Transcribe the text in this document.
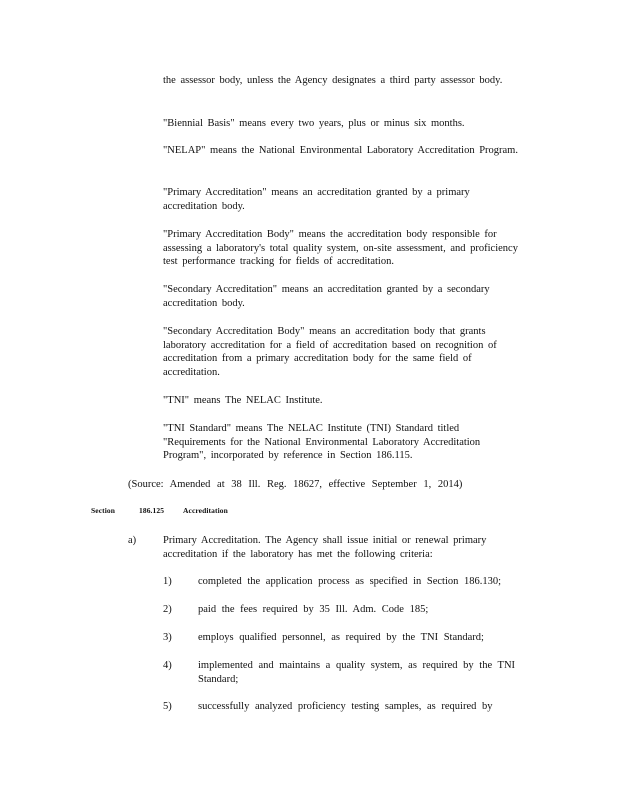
the assessor body, unless the Agency designates a third party assessor body.
"Biennial Basis" means every two years, plus or minus six months.
"NELAP" means the National Environmental Laboratory Accreditation Program.
"Primary Accreditation" means an accreditation granted by a primary accreditation body.
"Primary Accreditation Body" means the accreditation body responsible for assessing a laboratory's total quality system, on-site assessment, and proficiency test performance tracking for fields of accreditation.
"Secondary Accreditation" means an accreditation granted by a secondary accreditation body.
"Secondary Accreditation Body" means an accreditation body that grants laboratory accreditation for a field of accreditation based on recognition of accreditation from a primary accreditation body for the same field of accreditation.
"TNI" means The NELAC Institute.
"TNI Standard" means The NELAC Institute (TNI) Standard titled "Requirements for the National Environmental Laboratory Accreditation Program", incorporated by reference in Section 186.115.
(Source: Amended at 38 Ill. Reg. 18627, effective September 1, 2014)
Section	186.125	Accreditation
a)	Primary Accreditation. The Agency shall issue initial or renewal primary accreditation if the laboratory has met the following criteria:
1)	completed the application process as specified in Section 186.130;
2)	paid the fees required by 35 Ill. Adm. Code 185;
3)	employs qualified personnel, as required by the TNI Standard;
4)	implemented and maintains a quality system, as required by the TNI Standard;
5)	successfully analyzed proficiency testing samples, as required by
